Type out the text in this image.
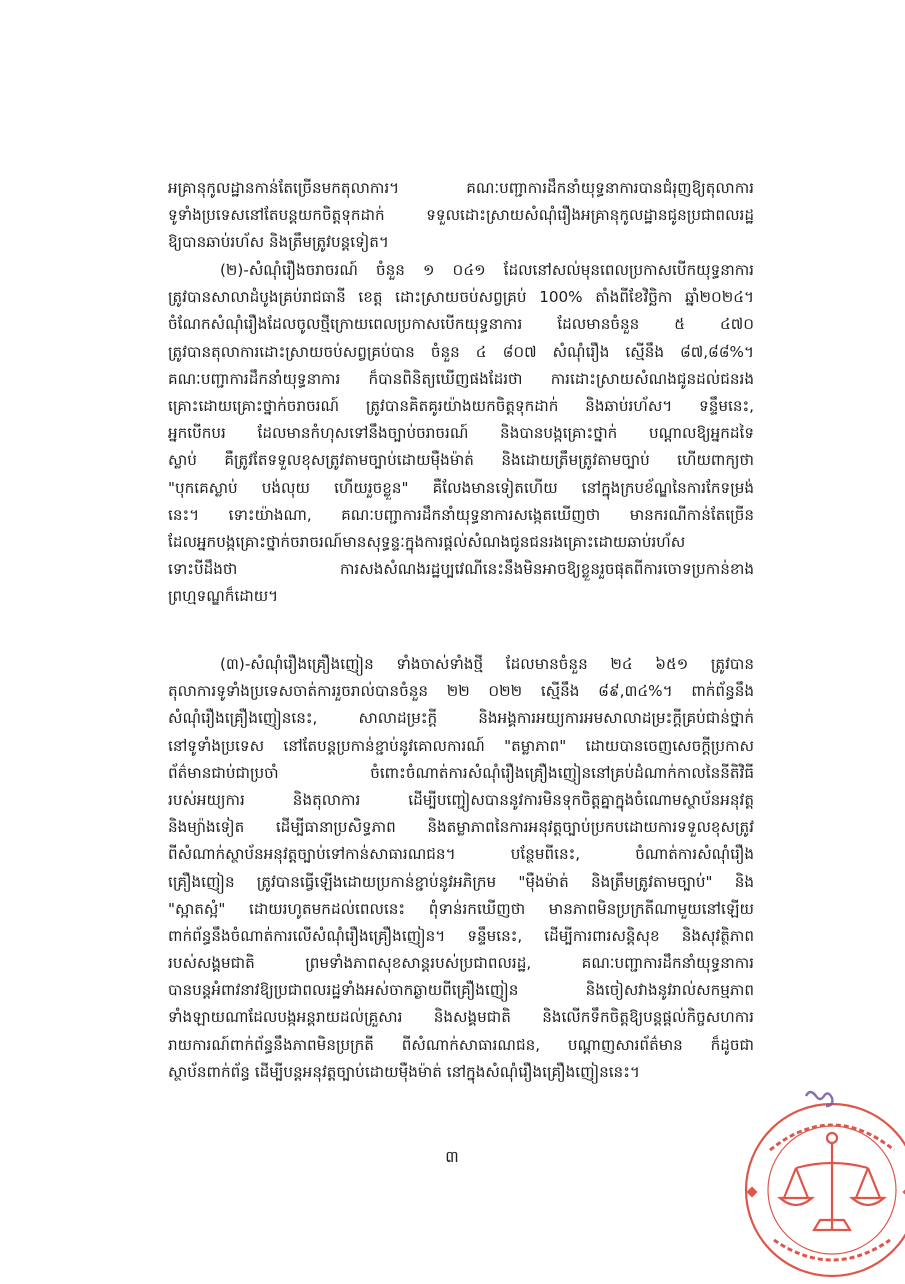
អគ្រានុកូលដ្ឋានកាន់តែច្រើនមកតុលាការ។ គណៈបញ្ជាការដឹកនាំយុទ្ធនាការបានជំរុញឱ្យតុលាការ
ទូទាំងប្រទេសនៅតែបន្តយកចិត្តទុកដាក់ ទទួលដោះស្រាយសំណុំរឿងអគ្រានុកូលដ្ឋានជូនប្រជាពលរដ្ឋ
ឱ្យបានឆាប់រហ័ស និងត្រឹមត្រូវបន្តទៀត។
(២)-សំណុំរឿងចរាចរណ៍ ចំនួន ១ ០៤១ ដែលនៅសល់មុនពេលប្រកាសបើកយុទ្ធនាការ
ត្រូវបានសាលាដំបូងគ្រប់រាជធានី ខេត្ត ដោះស្រាយចប់សព្វគ្រប់ 100% តាំងពីខែវិច្ឆិកា ឆ្នាំ២០២៤។
ចំណែកសំណុំរឿងដែលចូលថ្មីក្រោយពេលប្រកាសបើកយុទ្ធនាការ ដែលមានចំនួន ៥ ៤៧០
ត្រូវបានតុលាការដោះស្រាយចប់សព្វគ្រប់បាន ចំនួន ៤ ៨០៧ សំណុំរឿង ស្មើនឹង ៨៧,៨៨%។
គណៈបញ្ជាការដឹកនាំយុទ្ធនាការ ក៏បានពិនិត្យឃើញផងដែរថា ការដោះស្រាយសំណងជូនដល់ជនរង
គ្រោះដោយគ្រោះថ្នាក់ចរាចរណ៍ ត្រូវបានគិតគូរយ៉ាងយកចិត្តទុកដាក់ និងឆាប់រហ័ស។ ទន្ទឹមនេះ,
អ្នកបើកបរ ដែលមានកំហុសទៅនឹងច្បាប់ចរាចរណ៍ និងបានបង្កគ្រោះថ្នាក់ បណ្តាលឱ្យអ្នកដទៃ
ស្លាប់ គឺត្រូវតែទទួលខុសត្រូវតាមច្បាប់ដោយម៉ឺងម៉ាត់ និងដោយត្រឹមត្រូវតាមច្បាប់ ហើយពាក្យថា
"បុកគេស្លាប់ បង់លុយ ហើយរួចខ្លួន" គឺលែងមានទៀតហើយ នៅក្នុងក្របខ័ណ្ឌនៃការកែទម្រង់
នេះ។ ទោះយ៉ាងណា, គណៈបញ្ជាការដឹកនាំយុទ្ធនាការសង្កេតឃើញថា មានករណីកាន់តែច្រើន
ដែលអ្នកបង្កគ្រោះថ្នាក់ចរាចរណ៍មានសុទ្ធន្ទៈក្នុងការផ្តល់សំណងជូនជនរងគ្រោះដោយឆាប់រហ័ស
ទោះបីដឹងថា ការសងសំណងរដ្ឋប្បវេណីនេះនឹងមិនអាចឱ្យខ្លួនរួចផុតពីការចោទប្រកាន់ខាង
ព្រហ្មទណ្ឌក៏ដោយ។
(៣)-សំណុំរឿងគ្រឿងញៀន ទាំងចាស់ទាំងថ្មី ដែលមានចំនួន ២៤ ៦៥១ ត្រូវបាន
តុលាការទូទាំងប្រទេសចាត់ការរួចរាល់បានចំនួន ២២ ០២២ ស្មើនឹង ៨៩,៣៤%។ ពាក់ព័ន្ធនឹង
សំណុំរឿងគ្រឿងញៀននេះ, សាលាដម្រះក្តី និងអង្គការអយ្យការអមសាលាដម្រះក្តីគ្រប់ជាន់ថ្នាក់
នៅទូទាំងប្រទេស នៅតែបន្តប្រកាន់ខ្ជាប់នូវគោលការណ៍ "តម្លាភាព" ដោយបានចេញសេចក្តីប្រកាស
ព័ត៌មានជាប់ជាប្រចាំ ចំពោះចំណាត់ការសំណុំរឿងគ្រឿងញៀននៅគ្រប់ដំណាក់កាលនៃនីតិវិធី
របស់អយ្យការ និងតុលាការ ដើម្បីបញ្ជៀសបាននូវការមិនទុកចិត្តគ្នាក្នុងចំណោមស្ថាប័នអនុវត្ត
និងម្យ៉ាងទៀត ដើម្បីធានាប្រសិទ្ធភាព និងតម្លាភាពនៃការអនុវត្តច្បាប់ប្រកបដោយការទទួលខុសត្រូវ
ពីសំណាក់ស្ថាប័នអនុវត្តច្បាប់ទៅកាន់សាធារណជន។ បន្ថែមពីនេះ, ចំណាត់ការសំណុំរឿង
គ្រឿងញៀន ត្រូវបានធ្វើឡើងដោយប្រកាន់ខ្ជាប់នូវអភិក្រម "ម៉ឺងម៉ាត់ និងត្រឹមត្រូវតាមច្បាប់" និង
"ស្អាតស្អំ" ដោយរហូតមកដល់ពេលនេះ ពុំទាន់រកឃើញថា មានភាពមិនប្រក្រតីណាមួយនៅឡើយ
ពាក់ព័ន្ធនឹងចំណាត់ការលើសំណុំរឿងគ្រឿងញៀន។ ទន្ទឹមនេះ, ដើម្បីការពារសន្តិសុខ និងសុវត្ថិភាព
របស់សង្គមជាតិ ព្រមទាំងភាពសុខសាន្តរបស់ប្រជាពលរដ្ឋ, គណៈបញ្ជាការដឹកនាំយុទ្ធនាការ
បានបន្តអំពាវនាវឱ្យប្រជាពលរដ្ឋទាំងអស់ចាកឆ្ងាយពីគ្រឿងញៀន និងចៀសវាងនូវរាល់សកម្មភាព
ទាំងឡាយណាដែលបង្កអន្តរាយដល់គ្រួសារ និងសង្គមជាតិ និងលើកទឹកចិត្តឱ្យបន្តផ្តល់កិច្ចសហការ
រាយការណ៍ពាក់ព័ន្ធនឹងភាពមិនប្រក្រតី ពីសំណាក់សាធារណជន, បណ្តាញសារព័ត៌មាន ក៏ដូចជា
ស្ថាប័នពាក់ព័ន្ធ ដើម្បីបន្តអនុវត្តច្បាប់ដោយម៉ឺងម៉ាត់ នៅក្នុងសំណុំរឿងគ្រឿងញៀននេះ។
៣
